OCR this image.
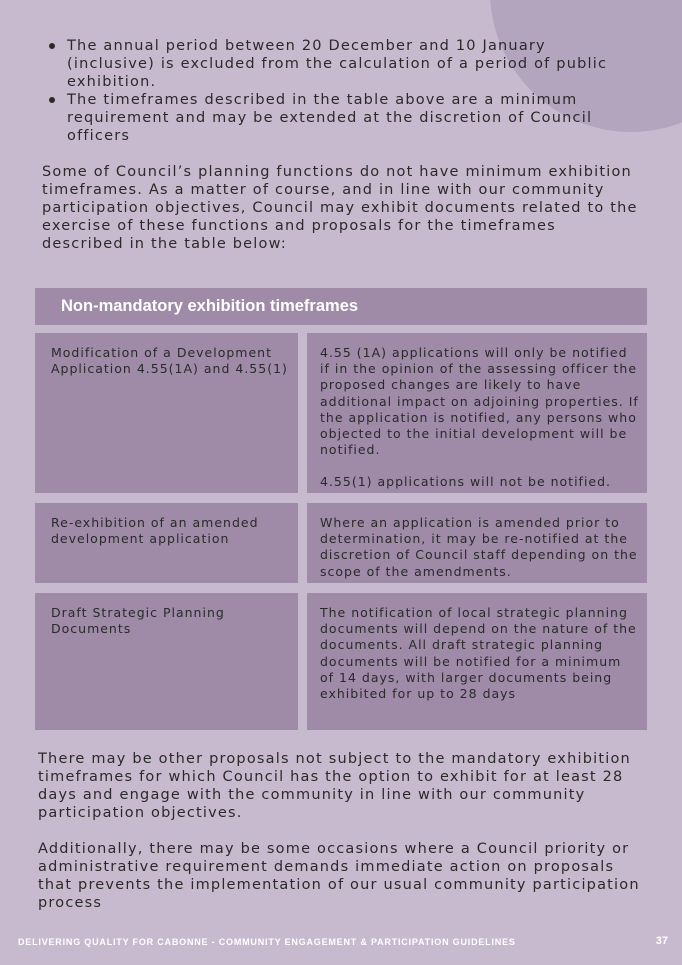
The annual period between 20 December and 10 January (inclusive) is excluded from the calculation of a period of public exhibition.
The timeframes described in the table above are a minimum requirement and may be extended at the discretion of Council officers

Some of Council’s planning functions do not have minimum exhibition timeframes. As a matter of course, and in line with our community participation objectives, Council may exhibit documents related to the exercise of these functions and proposals for the timeframes described in the table below:

Non-mandatory exhibition timeframes

Modification of a Development Application 4.55(1A) and 4.55(1)

4.55 (1A) applications will only be notified if in the opinion of the assessing officer the proposed changes are likely to have additional impact on adjoining properties. If the application is notified, any persons who objected to the initial development will be notified.

4.55(1) applications will not be notified.

Re-exhibition of an amended development application

Where an application is amended prior to determination, it may be re-notified at the discretion of Council staff depending on the scope of the amendments.

Draft Strategic Planning Documents

The notification of local strategic planning documents will depend on the nature of the documents. All draft strategic planning documents will be notified for a minimum of 14 days, with larger documents being exhibited for up to 28 days

There may be other proposals not subject to the mandatory exhibition timeframes for which Council has the option to exhibit for at least 28 days and engage with the community in line with our community participation objectives.

Additionally, there may be some occasions where a Council priority or administrative requirement demands immediate action on proposals that prevents the implementation of our usual community participation process

DELIVERING QUALITY FOR CABONNE - COMMUNITY ENGAGEMENT & PARTICIPATION GUIDELINES	37
